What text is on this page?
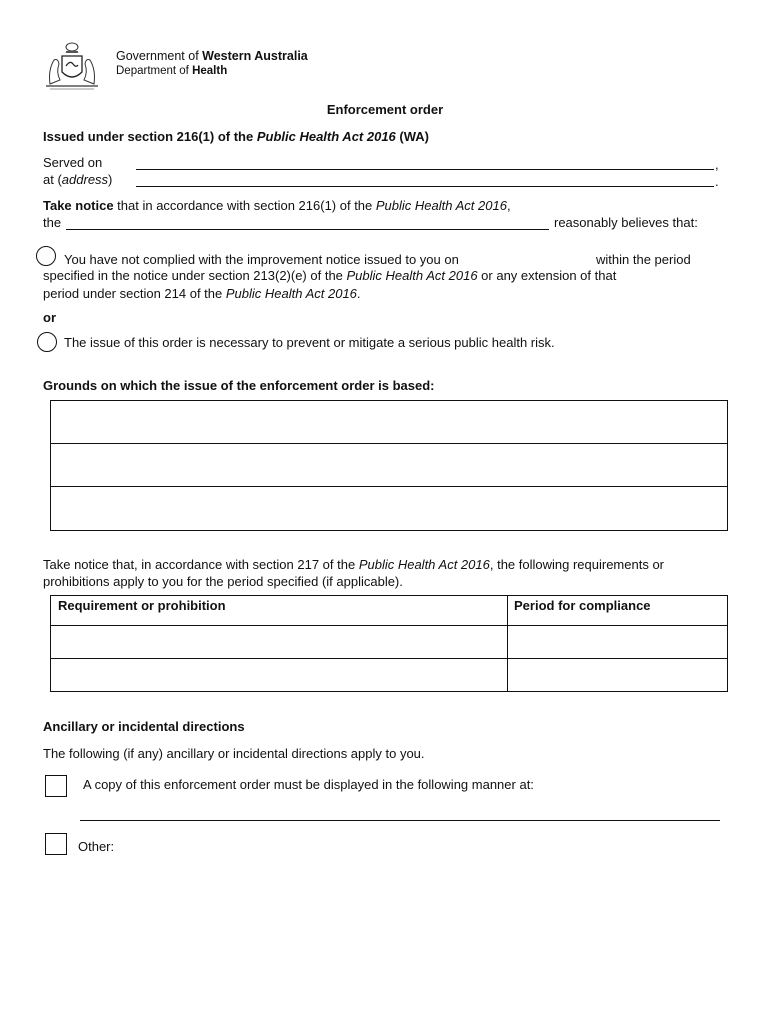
Government of Western Australia
Department of Health
Enforcement order
Issued under section 216(1) of the Public Health Act 2016 (WA)
Served on	,
at (address)	.
Take notice that in accordance with section 216(1) of the Public Health Act 2016,
the	reasonably believes that:
You have not complied with the improvement notice issued to you on	within the period
specified in the notice under section 213(2)(e) of the Public Health Act 2016 or any extension of that
period under section 214 of the Public Health Act 2016.
or
The issue of this order is necessary to prevent or mitigate a serious public health risk.
Grounds on which the issue of the enforcement order is based:
Take notice that, in accordance with section 217 of the Public Health Act 2016, the following requirements or
prohibitions apply to you for the period specified (if applicable).
Requirement or prohibition	Period for compliance
Ancillary or incidental directions
The following (if any) ancillary or incidental directions apply to you.
A copy of this enforcement order must be displayed in the following manner at:
Other:
